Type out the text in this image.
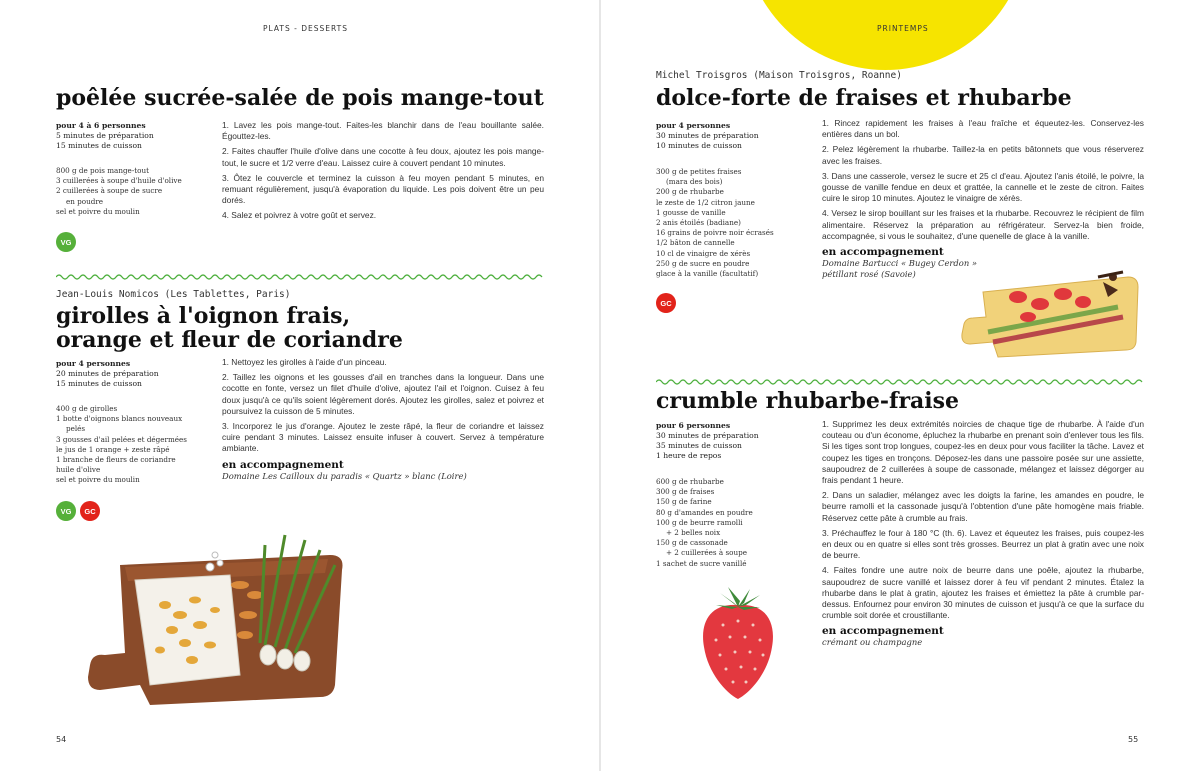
PLATS - DESSERTS	PRINTEMPS
poêlée sucrée-salée de pois mange-tout
pour 4 à 6 personnes
5 minutes de préparation
15 minutes de cuisson
800 g de pois mange-tout
3 cuillerées à soupe d'huile d'olive
2 cuillerées à soupe de sucre
en poudre
sel et poivre du moulin
VG

1. Lavez les pois mange-tout. Faites-les blanchir dans de l'eau bouillante salée. Égouttez-les.

2. Faites chauffer l'huile d'olive dans une cocotte à feu doux, ajoutez les pois mange-tout, le sucre et 1/2 verre d'eau. Laissez cuire à couvert pendant 10 minutes.

3. Ôtez le couvercle et terminez la cuisson à feu moyen pendant 5 minutes, en remuant régulièrement, jusqu'à évaporation du liquide. Les pois doivent être un peu dorés.

4. Salez et poivrez à votre goût et servez.

Jean-Louis Nomicos (Les Tablettes, Paris)
girolles à l'oignon frais,
orange et fleur de coriandre
pour 4 personnes
20 minutes de préparation
15 minutes de cuisson
400 g de girolles
1 botte d'oignons blancs nouveaux
pelés
3 gousses d'ail pelées et dégermées
le jus de 1 orange + zeste râpé
1 branche de fleurs de coriandre
huile d'olive
sel et poivre du moulin
VG	GC

1. Nettoyez les girolles à l'aide d'un pinceau.

2. Taillez les oignons et les gousses d'ail en tranches dans la longueur. Dans une cocotte en fonte, versez un filet d'huile d'olive, ajoutez l'ail et l'oignon. Cuisez à feu doux jusqu'à ce qu'ils soient légèrement dorés. Ajoutez les girolles, salez et poivrez et poursuivez la cuisson de 5 minutes.

3. Incorporez le jus d'orange. Ajoutez le zeste râpé, la fleur de coriandre et laissez cuire pendant 3 minutes. Laissez ensuite infuser à couvert. Servez à température ambiante.

en accompagnement
Domaine Les Cailloux du paradis « Quartz » blanc (Loire)
54
Michel Troisgros (Maison Troisgros, Roanne)
dolce-forte de fraises et rhubarbe
pour 4 personnes
30 minutes de préparation
10 minutes de cuisson
300 g de petites fraises
(mara des bois)
200 g de rhubarbe
le zeste de 1/2 citron jaune
1 gousse de vanille
2 anis étoilés (badiane)
16 grains de poivre noir écrasés
1/2 bâton de cannelle
10 cl de vinaigre de xérès
250 g de sucre en poudre
glace à la vanille (facultatif)
GC

1. Rincez rapidement les fraises à l'eau fraîche et équeutez-les. Conservez-les entières dans un bol.

2. Pelez légèrement la rhubarbe. Taillez-la en petits bâtonnets que vous réserverez avec les fraises.

3. Dans une casserole, versez le sucre et 25 cl d'eau. Ajoutez l'anis étoilé, le poivre, la gousse de vanille fendue en deux et grattée, la cannelle et le zeste de citron. Faites cuire le sirop 10 minutes. Ajoutez le vinaigre de xérès.

4. Versez le sirop bouillant sur les fraises et la rhubarbe. Recouvrez le récipient de film alimentaire. Réservez la préparation au réfrigérateur. Servez-la bien froide, accompagnée, si vous le souhaitez, d'une quenelle de glace à la vanille.

en accompagnement
Domaine Bartucci « Bugey Cerdon »
pétillant rosé (Savoie)
crumble rhubarbe-fraise
pour 6 personnes
30 minutes de préparation
35 minutes de cuisson
1 heure de repos
600 g de rhubarbe
300 g de fraises
150 g de farine
80 g d'amandes en poudre
100 g de beurre ramolli
+ 2 belles noix
150 g de cassonade
+ 2 cuillerées à soupe
1 sachet de sucre vanillé

1. Supprimez les deux extrémités noircies de chaque tige de rhubarbe. À l'aide d'un couteau ou d'un économe, épluchez la rhubarbe en prenant soin d'enlever tous les fils. Si les tiges sont trop longues, coupez-les en deux pour vous faciliter la tâche. Lavez et coupez les tiges en tronçons. Déposez-les dans une passoire posée sur une assiette, saupoudrez de 2 cuillerées à soupe de cassonade, mélangez et laissez dégorger au frais pendant 1 heure.

2. Dans un saladier, mélangez avec les doigts la farine, les amandes en poudre, le beurre ramolli et la cassonade jusqu'à l'obtention d'une pâte homogène mais friable. Réservez cette pâte à crumble au frais.

3. Préchauffez le four à 180 °C (th. 6). Lavez et équeutez les fraises, puis coupez-les en deux ou en quatre si elles sont très grosses. Beurrez un plat à gratin avec une noix de beurre.

4. Faites fondre une autre noix de beurre dans une poêle, ajoutez la rhubarbe, saupoudrez de sucre vanillé et laissez dorer à feu vif pendant 2 minutes. Étalez la rhubarbe dans le plat à gratin, ajoutez les fraises et émiettez la pâte à crumble par-dessus. Enfournez pour environ 30 minutes de cuisson et jusqu'à ce que la surface du crumble soit dorée et croustillante.

en accompagnement
crémant ou champagne
55
